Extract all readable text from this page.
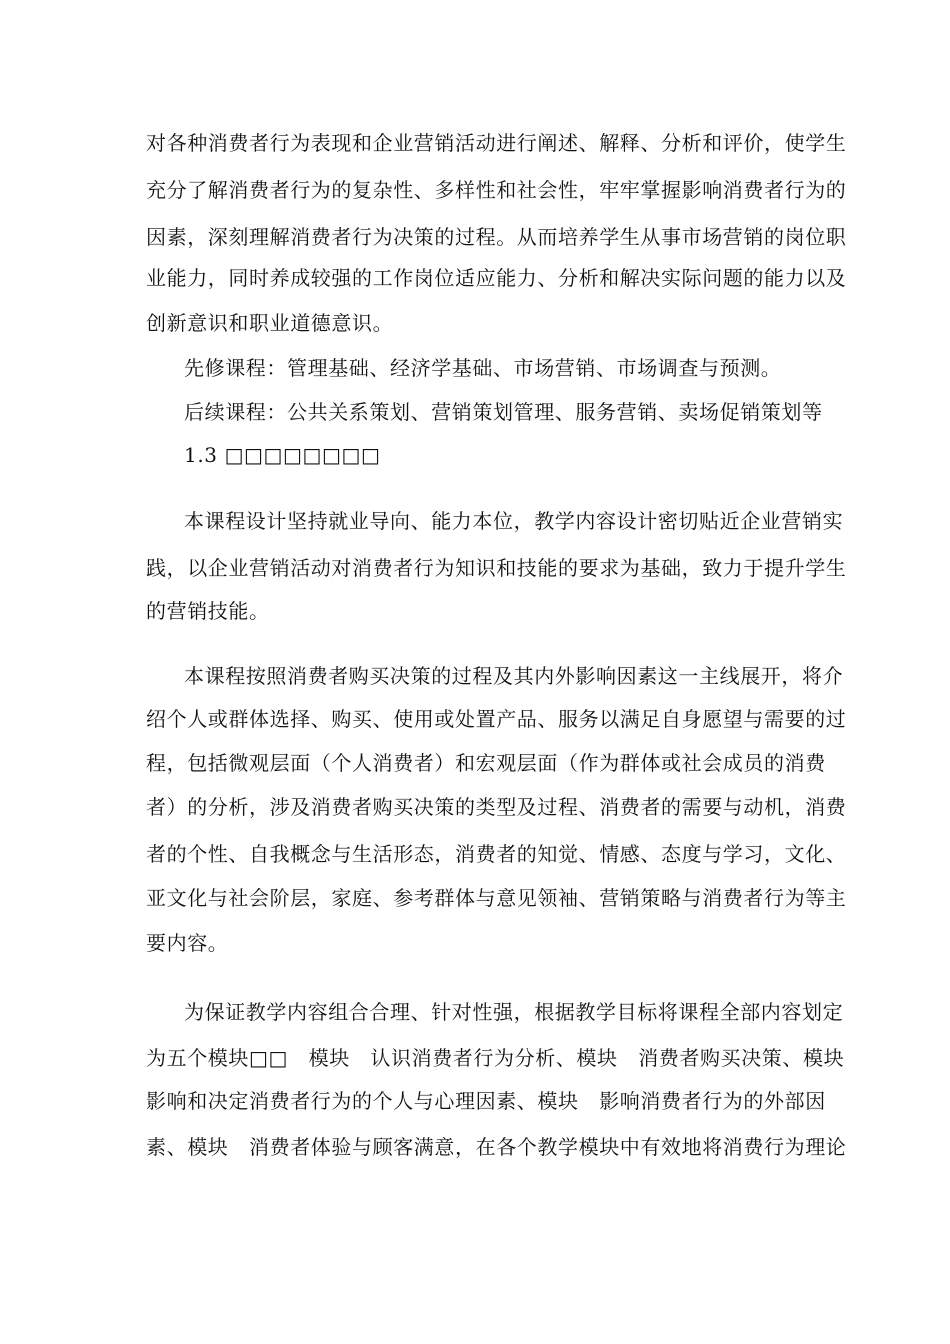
对各种消费者行为表现和企业营销活动进行阐述、解释、分析和评价，使学生
充分了解消费者行为的复杂性、多样性和社会性，牢牢掌握影响消费者行为的
因素，深刻理解消费者行为决策的过程。从而培养学生从事市场营销的岗位职
业能力，同时养成较强的工作岗位适应能力、分析和解决实际问题的能力以及
创新意识和职业道德意识。
先修课程：管理基础、经济学基础、市场营销、市场调查与预测。
后续课程：公共关系策划、营销策划管理、服务营销、卖场促销策划等
1.3 □□□□□□□□
本课程设计坚持就业导向、能力本位，教学内容设计密切贴近企业营销实
践，以企业营销活动对消费者行为知识和技能的要求为基础，致力于提升学生
的营销技能。
本课程按照消费者购买决策的过程及其内外影响因素这一主线展开，将介
绍个人或群体选择、购买、使用或处置产品、服务以满足自身愿望与需要的过
程，包括微观层面（个人消费者）和宏观层面（作为群体或社会成员的消费
者）的分析，涉及消费者购买决策的类型及过程、消费者的需要与动机，消费
者的个性、自我概念与生活形态，消费者的知觉、情感、态度与学习，文化、
亚文化与社会阶层，家庭、参考群体与意见领袖、营销策略与消费者行为等主
要内容。
为保证教学内容组合合理、针对性强，根据教学目标将课程全部内容划定
为五个模块□□　模块　认识消费者行为分析、模块　消费者购买决策、模块
影响和决定消费者行为的个人与心理因素、模块　影响消费者行为的外部因
素、模块　消费者体验与顾客满意，在各个教学模块中有效地将消费行为理论
